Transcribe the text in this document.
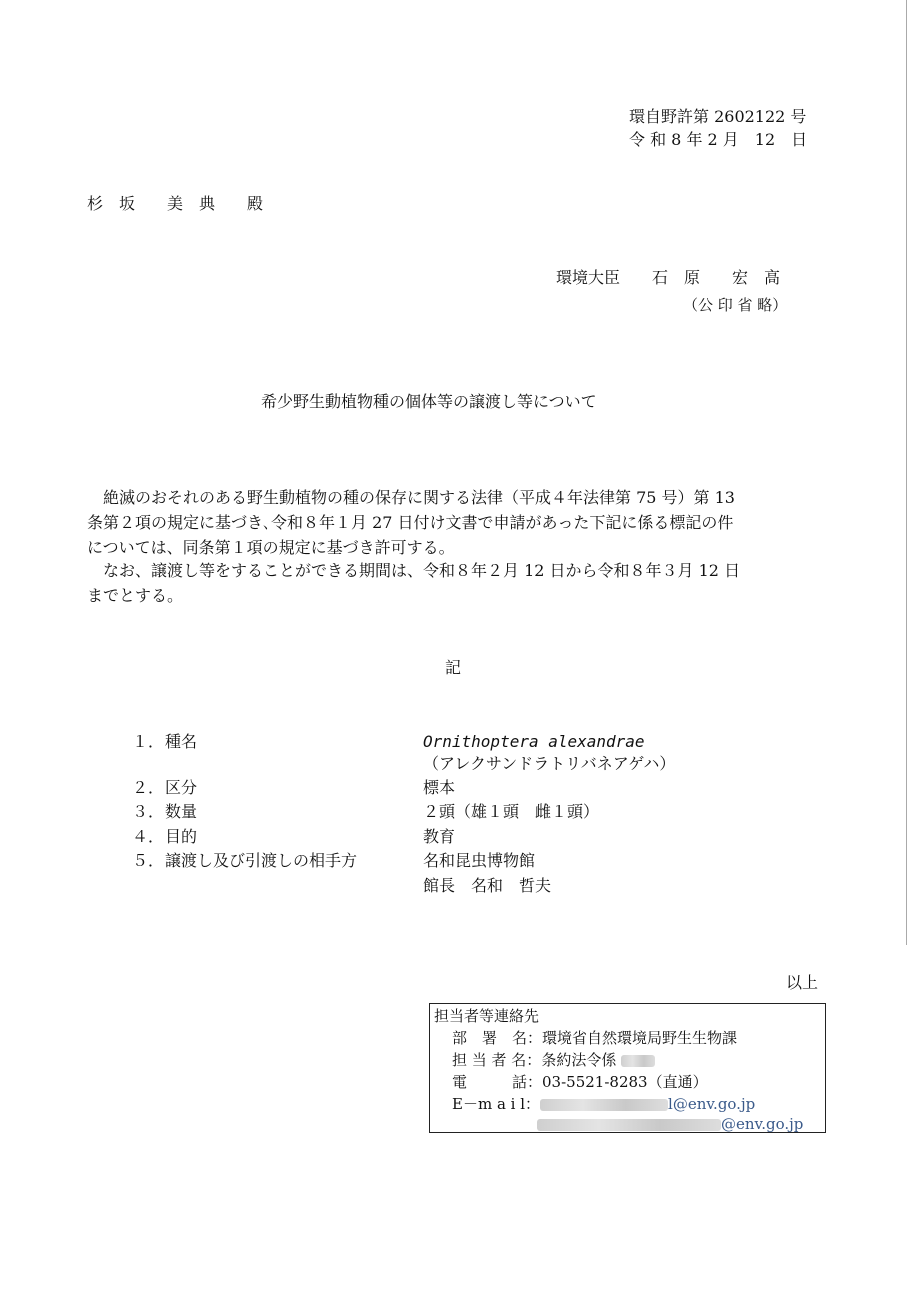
環自野許第 2602122 号
令 和 8 年 2 月　12　日
杉　坂　　美　典　　殿
環境大臣　　石　原　　宏　高
（公 印 省 略）
希少野生動植物種の個体等の譲渡し等について
　絶滅のおそれのある野生動植物の種の保存に関する法律（平成４年法律第 75 号）第 13
条第２項の規定に基づき､令和８年１月 27 日付け文書で申請があった下記に係る標記の件
については、同条第１項の規定に基づき許可する。
　なお、譲渡し等をすることができる期間は、令和８年２月 12 日から令和８年３月 12 日
までとする。
記
１． 種名	Ornithoptera alexandrae
（アレクサンドラトリバネアゲハ）
２． 区分	標本
３． 数量	２頭（雄１頭　雌１頭）
４． 目的	教育
５． 譲渡し及び引渡しの相手方	名和昆虫博物館
館長　名和　哲夫
以上
担当者等連絡先
部　署　名：環境省自然環境局野生生物課
担 当 者 名：条約法令係
電　　　話：03-5521-8283（直通）
E－m a i l：	l@env.go.jp
@env.go.jp
